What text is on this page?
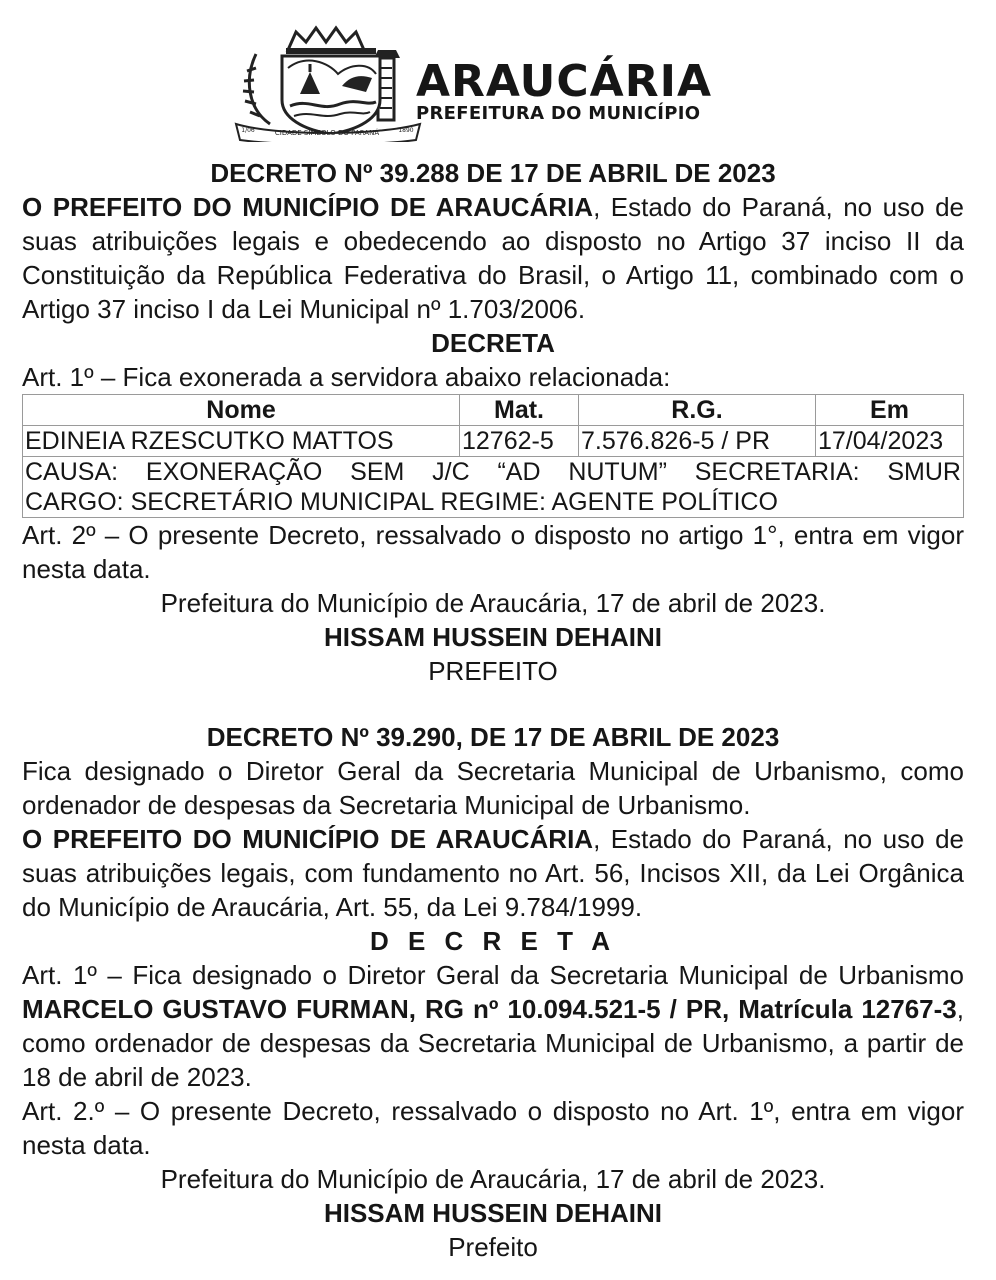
CIDADE SÍMBOLO DO PARANÁ
1/06	1890
ARAUCÁRIA
PREFEITURA DO MUNICÍPIO

DECRETO Nº 39.288 DE 17 DE ABRIL DE 2023

O PREFEITO DO MUNICÍPIO DE ARAUCÁRIA, Estado do Paraná, no uso de suas atribuições legais e obedecendo ao disposto no Artigo 37 inciso II da Constituição da República Federativa do Brasil, o Artigo 11, combinado com o Artigo 37 inciso I da Lei Municipal nº 1.703/2006.

DECRETA

Art. 1º – Fica exonerada a servidora abaixo relacionada:

Nome	Mat.	R.G.	Em
EDINEIA RZESCUTKO MATTOS	12762-5	7.576.826-5 / PR	17/04/2023
CAUSA: EXONERAÇÃO SEM J/C “AD NUTUM” SECRETARIA: SMUR			
CARGO: SECRETÁRIO MUNICIPAL REGIME: AGENTE POLÍTICO			

Art. 2º – O presente Decreto, ressalvado o disposto no artigo 1°, entra em vigor nesta data.

Prefeitura do Município de Araucária, 17 de abril de 2023.

HISSAM HUSSEIN DEHAINI

PREFEITO

DECRETO Nº 39.290, DE 17 DE ABRIL DE 2023

Fica designado o Diretor Geral da Secretaria Municipal de Urbanismo, como ordenador de despesas da Secretaria Municipal de Urbanismo.

O PREFEITO DO MUNICÍPIO DE ARAUCÁRIA, Estado do Paraná, no uso de suas atribuições legais, com fundamento no Art. 56, Incisos XII, da Lei Orgânica do Município de Araucária, Art. 55, da Lei 9.784/1999.

D E C R E T A

Art. 1º – Fica designado o Diretor Geral da Secretaria Municipal de Urbanismo MARCELO GUSTAVO FURMAN, RG nº 10.094.521-5 / PR, Matrícula 12767-3, como ordenador de despesas da Secretaria Municipal de Urbanismo, a partir de 18 de abril de 2023.

Art. 2.º – O presente Decreto, ressalvado o disposto no Art. 1º, entra em vigor nesta data.

Prefeitura do Município de Araucária, 17 de abril de 2023.

HISSAM HUSSEIN DEHAINI

Prefeito
